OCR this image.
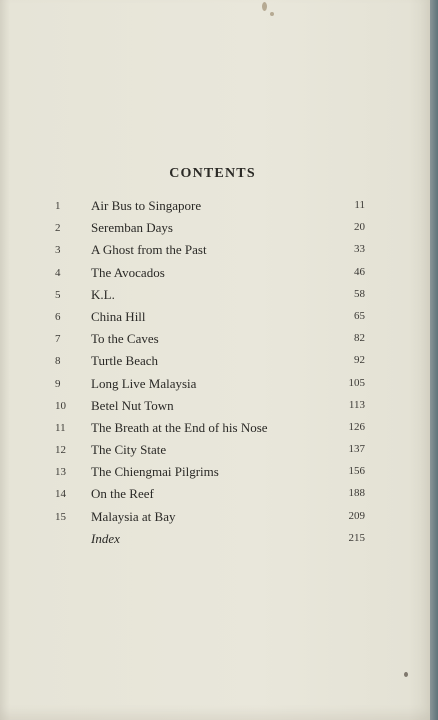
CONTENTS
1	Air Bus to Singapore	11
2	Seremban Days	20
3	A Ghost from the Past	33
4	The Avocados	46
5	K.L.	58
6	China Hill	65
7	To the Caves	82
8	Turtle Beach	92
9	Long Live Malaysia	105
10	Betel Nut Town	113
11	The Breath at the End of his Nose	126
12	The City State	137
13	The Chiengmai Pilgrims	156
14	On the Reef	188
15	Malaysia at Bay	209
Index	215
